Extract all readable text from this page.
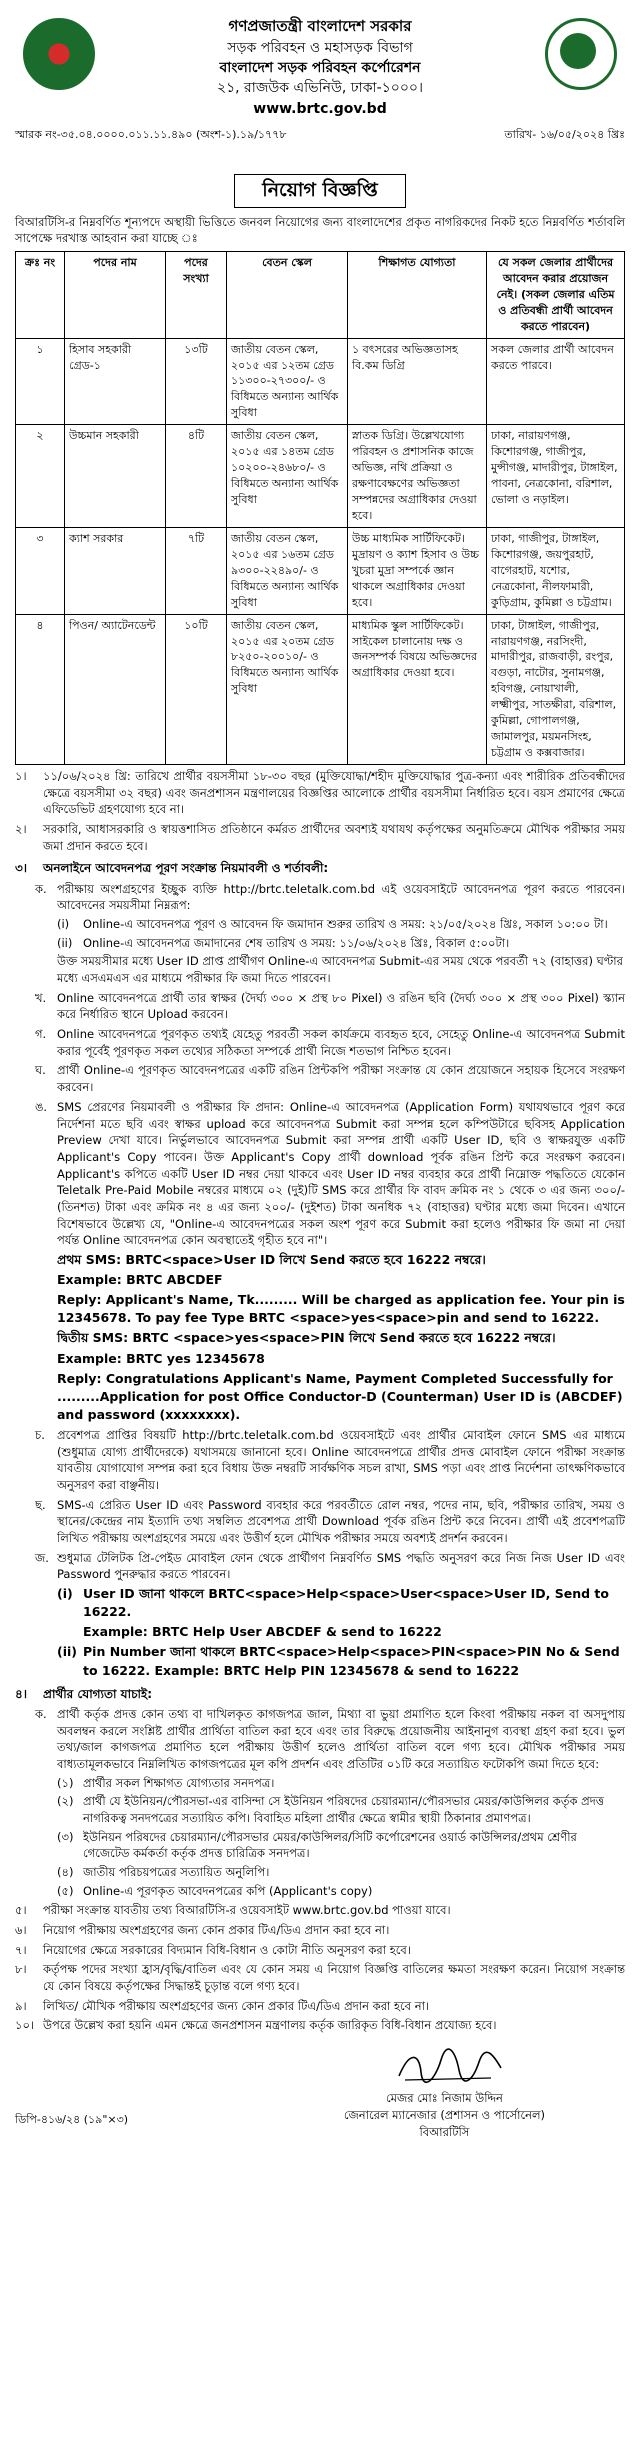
গণপ্রজাতন্ত্রী বাংলাদেশ সরকার
সড়ক পরিবহন ও মহাসড়ক বিভাগ
বাংলাদেশ সড়ক পরিবহন কর্পোরেশন
২১, রাজউক এভিনিউ, ঢাকা-১০০০।
www.brtc.gov.bd
স্মারক নং-৩৫.০৪.০০০০.০১১.১১.৪৯০ (অংশ-১).১৯/১৭৭৮	তারিখ- ১৬/০৫/২০২৪ খ্রিঃ
নিয়োগ বিজ্ঞপ্তি
বিআরটিসি-র নিম্নবর্ণিত শূন্যপদে অস্থায়ী ভিত্তিতে জনবল নিয়োগের জন্য বাংলাদেশের প্রকৃত নাগরিকদের নিকট হতে নিম্নবর্ণিত শর্তাবলি সাপেক্ষে দরখাস্ত আহবান করা যাচ্ছে ঃ
ক্রঃ নং	পদের নাম	পদের সংখ্যা	বেতন স্কেল	শিক্ষাগত যোগ্যতা	যে সকল জেলার প্রার্থীদের আবেদন করার প্রয়োজন নেই। (সকল জেলার এতিম ও প্রতিবন্ধী প্রার্থী আবেদন করতে পারবেন)
১	হিসাব সহকারী গ্রেড-১	১৩টি	জাতীয় বেতন স্কেল, ২০১৫ এর ১২তম গ্রেড ১১৩০০-২৭৩০০/- ও বিধিমতে অন্যান্য আর্থিক সুবিধা	১ বৎসরের অভিজ্ঞতাসহ বি.কম ডিগ্রি	সকল জেলার প্রার্থী আবেদন করতে পারবে।
২	উচ্চমান সহকারী	৪টি	জাতীয় বেতন স্কেল, ২০১৫ এর ১৪তম গ্রেড ১০২০০-২৪৬৮০/- ও বিধিমতে অন্যান্য আর্থিক সুবিধা	স্নাতক ডিগ্রি। উল্লেখযোগ্য পরিবহন ও প্রশাসনিক কাজে অভিজ্ঞ, নথি প্রক্রিয়া ও রক্ষণাবেক্ষণের অভিজ্ঞতা সম্পন্নদের অগ্রাধিকার দেওয়া হবে।	ঢাকা, নারায়ণগঞ্জ, কিশোরগঞ্জ, গাজীপুর, মুন্সীগঞ্জ, মাদারীপুর, টাঙ্গাইল, পাবনা, নেত্রকোনা, বরিশাল, ভোলা ও নড়াইল।
৩	ক্যাশ সরকার	৭টি	জাতীয় বেতন স্কেল, ২০১৫ এর ১৬তম গ্রেড ৯৩০০-২২৪৯০/- ও বিধিমতে অন্যান্য আর্থিক সুবিধা	উচ্চ মাধ্যমিক সার্টিফিকেট। মুদ্রায়ণ ও ক্যাশ হিসাব ও উচ্চ খুচরা মুদ্রা সম্পর্কে জ্ঞান থাকলে অগ্রাধিকার দেওয়া হবে।	ঢাকা, গাজীপুর, টাঙ্গাইল, কিশোরগঞ্জ, জয়পুরহাট, বাগেরহাট, যশোর, নেত্রকোনা, নীলফামারী, কুড়িগ্রাম, কুমিল্লা ও চট্টগ্রাম।
৪	পিওন/ অ্যাটেনডেন্ট	১০টি	জাতীয় বেতন স্কেল, ২০১৫ এর ২০তম গ্রেড ৮২৫০-২০০১০/- ও বিধিমতে অন্যান্য আর্থিক সুবিধা	মাধ্যমিক স্কুল সার্টিফিকেট। সাইকেল চালানোয় দক্ষ ও জনসম্পর্ক বিষয়ে অভিজ্ঞদের অগ্রাধিকার দেওয়া হবে।	ঢাকা, টাঙ্গাইল, গাজীপুর, নারায়ণগঞ্জ, নরসিংদী, মাদারীপুর, রাজবাড়ী, রংপুর, বগুড়া, নাটোর, সুনামগঞ্জ, হবিগঞ্জ, নোয়াখালী, লক্ষ্মীপুর, সাতক্ষীরা, বরিশাল, কুমিল্লা, গোপালগঞ্জ, জামালপুর, ময়মনসিংহ, চট্টগ্রাম ও কক্সবাজার।
১।	১১/০৬/২০২৪ খ্রি: তারিখে প্রার্থীর বয়সসীমা ১৮-৩০ বছর (মুক্তিযোদ্ধা/শহীদ মুক্তিযোদ্ধার পুত্র-কন্যা এবং শারীরিক প্রতিবন্ধীদের ক্ষেত্রে বয়সসীমা ৩২ বছর) এবং জনপ্রশাসন মন্ত্রণালয়ের বিজ্ঞপ্তির আলোকে প্রার্থীর বয়সসীমা নির্ধারিত হবে। বয়স প্রমাণের ক্ষেত্রে এফিডেভিট গ্রহণযোগ্য হবে না।
২।	সরকারি, আধাসরকারি ও স্বায়ত্তশাসিত প্রতিষ্ঠানে কর্মরত প্রার্থীদের অবশ্যই যথাযথ কর্তৃপক্ষের অনুমতিক্রমে মৌখিক পরীক্ষার সময় জমা প্রদান করতে হবে।
৩।	অনলাইনে আবেদনপত্র পূরণ সংক্রান্ত নিয়মাবলী ও শর্তাবলী:
ক. পরীক্ষায় অংশগ্রহণের ইচ্ছুক ব্যক্তি http://brtc.teletalk.com.bd এই ওয়েবসাইটে আবেদনপত্র পূরণ করতে পারবেন। আবেদনের সময়সীমা নিম্নরূপ:
(i)	Online-এ আবেদনপত্র পূরণ ও আবেদন ফি জমাদান শুরুর তারিখ ও সময়: ২১/০৫/২০২৪ খ্রিঃ, সকাল ১০:০০ টা।
(ii) Online-এ আবেদনপত্র জমাদানের শেষ তারিখ ও সময়: ১১/০৬/২০২৪ খ্রিঃ, বিকাল ৫:০০টা।
উক্ত সময়সীমার মধ্যে User ID প্রাপ্ত প্রার্থীগণ Online-এ আবেদনপত্র Submit-এর সময় থেকে পরবর্তী ৭২ (বাহাত্তর) ঘণ্টার মধ্যে এসএমএস এর মাধ্যমে পরীক্ষার ফি জমা দিতে পারবেন।
খ. Online আবেদনপত্রে প্রার্থী তার স্বাক্ষর (দৈর্ঘ্য ৩০০ × প্রস্থ ৮০ Pixel) ও রঙিন ছবি (দৈর্ঘ্য ৩০০ × প্রস্থ ৩০০ Pixel) স্ক্যান করে নির্ধারিত স্থানে Upload করবেন।
গ. Online আবেদনপত্রে পূরণকৃত তথ্যই যেহেতু পরবর্তী সকল কার্যক্রমে ব্যবহৃত হবে, সেহেতু Online-এ আবেদনপত্র Submit করার পূর্বেই পূরণকৃত সকল তথ্যের সঠিকতা সম্পর্কে প্রার্থী নিজে শতভাগ নিশ্চিত হবেন।
ঘ. প্রার্থী Online-এ পূরণকৃত আবেদনপত্রের একটি রঙিন প্রিন্টকপি পরীক্ষা সংক্রান্ত যে কোন প্রয়োজনে সহায়ক হিসেবে সংরক্ষণ করবেন।
ঙ. SMS প্রেরণের নিয়মাবলী ও পরীক্ষার ফি প্রদান: Online-এ আবেদনপত্র (Application Form) যথাযথভাবে পূরণ করে নির্দেশনা মতে ছবি এবং স্বাক্ষর upload করে আবেদনপত্র Submit করা সম্পন্ন হলে কম্পিউটারে ছবিসহ Application Preview দেখা যাবে। নির্ভুলভাবে আবেদনপত্র Submit করা সম্পন্ন প্রার্থী একটি User ID, ছবি ও স্বাক্ষরযুক্ত একটি Applicant's Copy পাবেন। উক্ত Applicant's Copy প্রার্থী download পূর্বক রঙিন প্রিন্ট করে সংরক্ষণ করবেন। Applicant's কপিতে একটি User ID নম্বর দেয়া থাকবে এবং User ID নম্বর ব্যবহার করে প্রার্থী নিম্নোক্ত পদ্ধতিতে যেকোন Teletalk Pre-Paid Mobile নম্বরের মাধ্যমে ০২ (দুই)টি SMS করে প্রার্থীর ফি বাবদ ক্রমিক নং ১ থেকে ৩ এর জন্য ৩০০/- (তিনশত) টাকা এবং ক্রমিক নং ৪ এর জন্য ২০০/- (দুইশত) টাকা অনধিক ৭২ (বাহাত্তর) ঘণ্টার মধ্যে জমা দিবেন। এখানে বিশেষভাবে উল্লেখ্য যে, "Online-এ আবেদনপত্রের সকল অংশ পূরণ করে Submit করা হলেও পরীক্ষার ফি জমা না দেয়া পর্যন্ত Online আবেদনপত্র কোন অবস্থাতেই গৃহীত হবে না"।
প্রথম SMS: BRTC<space>User ID লিখে Send করতে হবে 16222 নম্বরে।
Example: BRTC ABCDEF
Reply: Applicant's Name, Tk......... Will be charged as application fee. Your pin is 12345678. To pay fee Type BRTC <space>yes<space>pin and send to 16222.
দ্বিতীয় SMS: BRTC <space>yes<space>PIN লিখে Send করতে হবে 16222 নম্বরে।
Example: BRTC yes 12345678
Reply: Congratulations Applicant's Name, Payment Completed Successfully for .........Application for post Office Conductor-D (Counterman) User ID is (ABCDEF) and password (xxxxxxxx).
চ.	প্রবেশপত্র প্রাপ্তির বিষয়টি http://brtc.teletalk.com.bd ওয়েবসাইটে এবং প্রার্থীর মোবাইল ফোনে SMS এর মাধ্যমে (শুধুমাত্র যোগ্য প্রার্থীদেরকে) যথাসময়ে জানানো হবে। Online আবেদনপত্রে প্রার্থীর প্রদত্ত মোবাইল ফোনে পরীক্ষা সংক্রান্ত যাবতীয় যোগাযোগ সম্পন্ন করা হবে বিধায় উক্ত নম্বরটি সার্বক্ষণিক সচল রাখা, SMS পড়া এবং প্রাপ্ত নির্দেশনা তাৎক্ষণিকভাবে অনুসরণ করা বাঞ্ছনীয়।
ছ. SMS-এ প্রেরিত User ID এবং Password ব্যবহার করে পরবর্তীতে রোল নম্বর, পদের নাম, ছবি, পরীক্ষার তারিখ, সময় ও স্থানের/কেন্দ্রের নাম ইত্যাদি তথ্য সম্বলিত প্রবেশপত্র প্রার্থী Download পূর্বক রঙিন প্রিন্ট করে নিবেন। প্রার্থী এই প্রবেশপত্রটি লিখিত পরীক্ষায় অংশগ্রহণের সময়ে এবং উত্তীর্ণ হলে মৌখিক পরীক্ষার সময়ে অবশ্যই প্রদর্শন করবেন।
জ. শুধুমাত্র টেলিটক প্রি-পেইড মোবাইল ফোন থেকে প্রার্থীগণ নিম্নবর্ণিত SMS পদ্ধতি অনুসরণ করে নিজ নিজ User ID এবং Password পুনরুদ্ধার করতে পারবেন।
(i) User ID জানা থাকলে BRTC<space>Help<space>User<space>User ID, Send to 16222.
Example: BRTC Help User ABCDEF & send to 16222
(ii) Pin Number জানা থাকলে BRTC<space>Help<space>PIN<space>PIN No & Send to 16222. Example: BRTC Help PIN 12345678 & send to 16222
৪।	প্রার্থীর যোগ্যতা যাচাই:
ক. প্রার্থী কর্তৃক প্রদত্ত কোন তথ্য বা দাখিলকৃত কাগজপত্র জাল, মিথ্যা বা ভুয়া প্রমাণিত হলে কিংবা পরীক্ষায় নকল বা অসদুপায় অবলম্বন করলে সংশ্লিষ্ট প্রার্থীর প্রার্থিতা বাতিল করা হবে এবং তার বিরুদ্ধে প্রয়োজনীয় আইনানুগ ব্যবস্থা গ্রহণ করা হবে। ভুল তথ্য/জাল কাগজপত্র প্রমাণিত হলে পরীক্ষায় উত্তীর্ণ হলেও প্রার্থিতা বাতিল বলে গণ্য হবে। মৌখিক পরীক্ষার সময় বাধ্যতামূলকভাবে নিম্নলিখিত কাগজপত্রের মূল কপি প্রদর্শন এবং প্রতিটির ০১টি করে সত্যায়িত ফটোকপি জমা দিতে হবে:
(১) প্রার্থীর সকল শিক্ষাগত যোগ্যতার সনদপত্র।
(২) প্রার্থী যে ইউনিয়ন/পৌরসভা-এর বাসিন্দা সে ইউনিয়ন পরিষদের চেয়ারম্যান/পৌরসভার মেয়র/কাউন্সিলর কর্তৃক প্রদত্ত নাগরিকত্ব সনদপত্রের সত্যায়িত কপি। বিবাহিত মহিলা প্রার্থীর ক্ষেত্রে স্বামীর স্থায়ী ঠিকানার প্রমাণপত্র।
(৩) ইউনিয়ন পরিষদের চেয়ারম্যান/পৌরসভার মেয়র/কাউন্সিলর/সিটি কর্পোরেশনের ওয়ার্ড কাউন্সিলর/প্রথম শ্রেণীর গেজেটেড কর্মকর্তা কর্তৃক প্রদত্ত চারিত্রিক সনদপত্র।
(৪) জাতীয় পরিচয়পত্রের সত্যায়িত অনুলিপি।
(৫) Online-এ পূরণকৃত আবেদনপত্রের কপি (Applicant's copy)
৫।	পরীক্ষা সংক্রান্ত যাবতীয় তথ্য বিআরটিসি-র ওয়েবসাইট www.brtc.gov.bd পাওয়া যাবে।
৬।	নিয়োগ পরীক্ষায় অংশগ্রহণের জন্য কোন প্রকার টিএ/ডিএ প্রদান করা হবে না।
৭।	নিয়োগের ক্ষেত্রে সরকারের বিদ্যমান বিধি-বিধান ও কোটা নীতি অনুসরণ করা হবে।
৮।	কর্তৃপক্ষ পদের সংখ্যা হ্রাস/বৃদ্ধি/বাতিল এবং যে কোন সময় এ নিয়োগ বিজ্ঞপ্তি বাতিলের ক্ষমতা সংরক্ষণ করেন। নিয়োগ সংক্রান্ত যে কোন বিষয়ে কর্তৃপক্ষের সিদ্ধান্তই চূড়ান্ত বলে গণ্য হবে।
৯।	লিখিত/ মৌখিক পরীক্ষায় অংশগ্রহণের জন্য কোন প্রকার টিএ/ডিএ প্রদান করা হবে না।
১০। উপরে উল্লেখ করা হয়নি এমন ক্ষেত্রে জনপ্রশাসন মন্ত্রণালয় কর্তৃক জারিকৃত বিধি-বিধান প্রযোজ্য হবে।
মেজর মোঃ নিজাম উদ্দিন
জেনারেল ম্যানেজার (প্রশাসন ও পার্সোনেল)
বিআরটিসি
ডিপি-৪১৬/২৪ (১৯"×৩)
